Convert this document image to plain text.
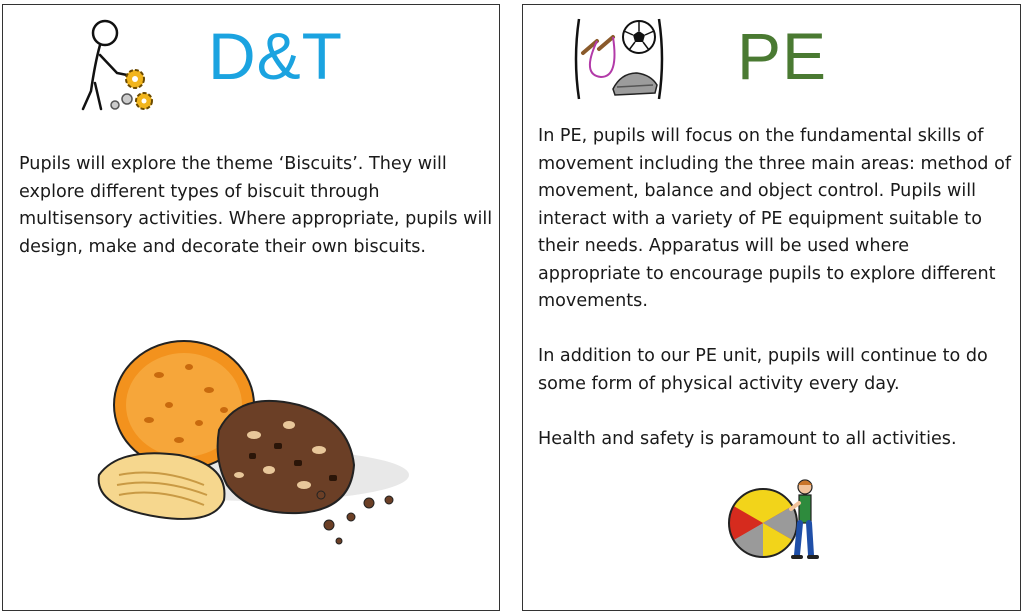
D&T

Pupils will explore the theme ‘Biscuits’. They will explore different types of biscuit through multisensory activities. Where appropriate, pupils will design, make and decorate their own biscuits.

PE

In PE, pupils will focus on the fundamental skills of movement including the three main areas: method of movement, balance and object control. Pupils will interact with a variety of PE equipment suitable to their needs. Apparatus will be used where appropriate to encourage pupils to explore different movements.

In addition to our PE unit, pupils will continue to do some form of physical activity every day.

Health and safety is paramount to all activities.
